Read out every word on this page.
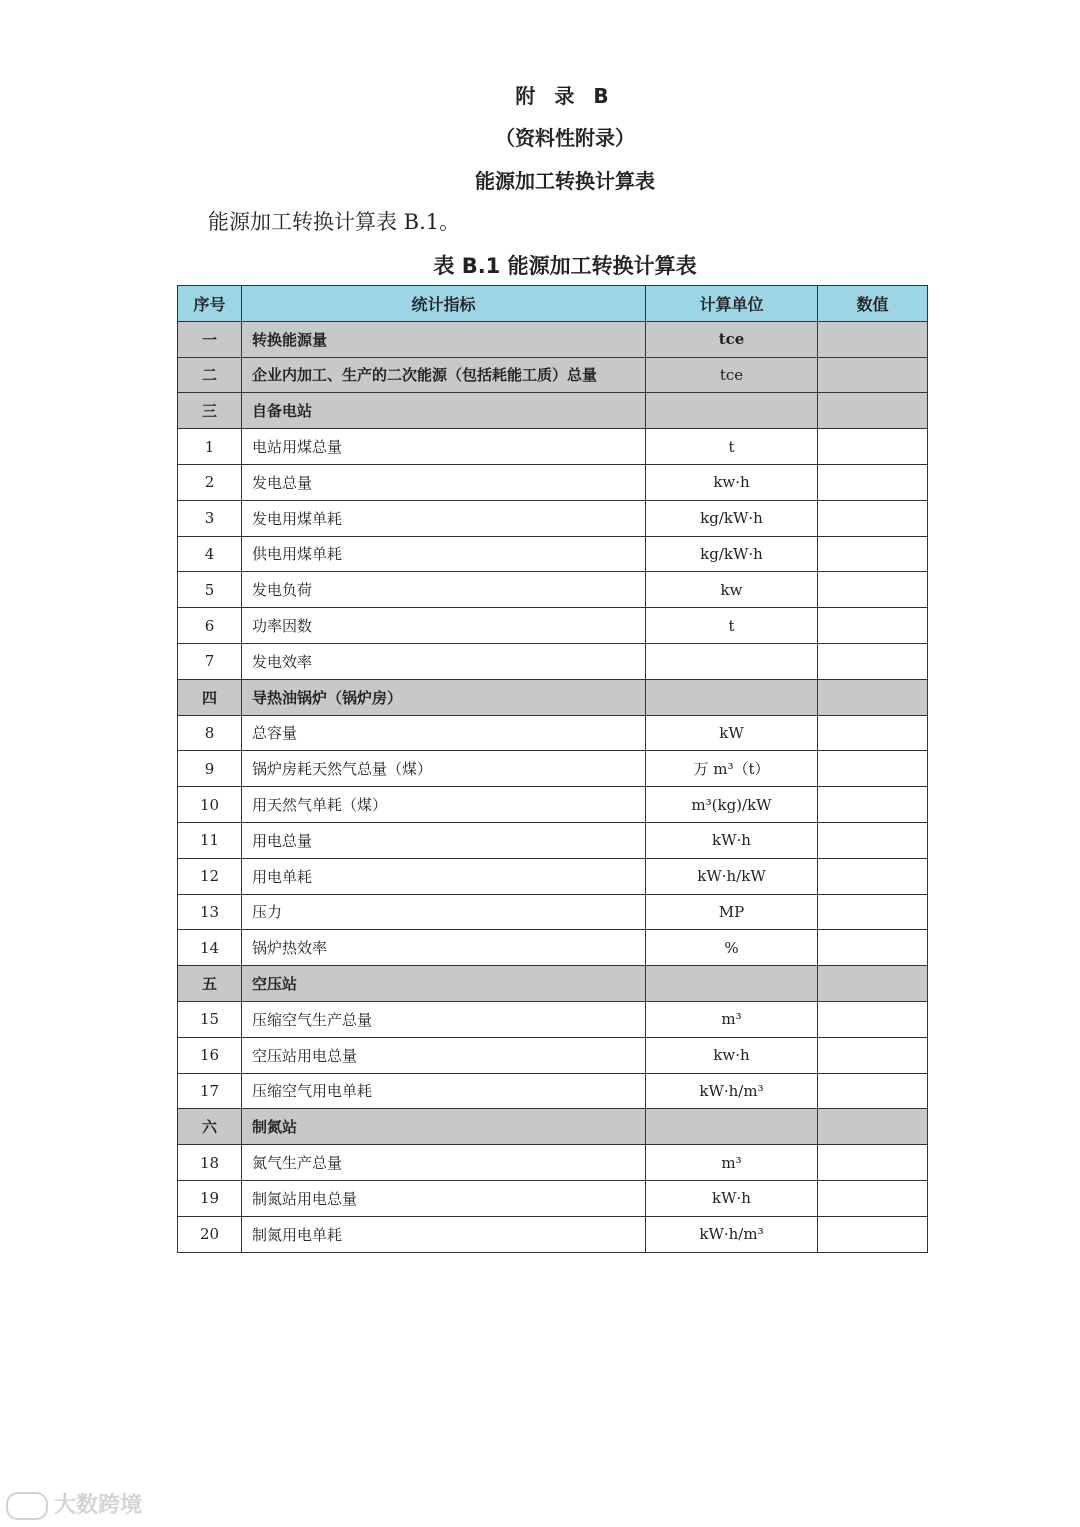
附 录 B
（资料性附录）
能源加工转换计算表
能源加工转换计算表 B.1。
表 B.1 能源加工转换计算表
序号	统计指标	计算单位	数值
一	转换能源量	tce	
二	企业内加工、生产的二次能源（包括耗能工质）总量	tce	
三	自备电站		
1	电站用煤总量	t	
2	发电总量	kw·h	
3	发电用煤单耗	kg/kW·h	
4	供电用煤单耗	kg/kW·h	
5	发电负荷	kw	
6	功率因数	t	
7	发电效率		
四	导热油锅炉（锅炉房）		
8	总容量	kW	
9	锅炉房耗天然气总量（煤）	万 m³（t）	
10	用天然气单耗（煤）	m³(kg)/kW	
11	用电总量	kW·h	
12	用电单耗	kW·h/kW	
13	压力	MP	
14	锅炉热效率	%	
五	空压站		
15	压缩空气生产总量	m³	
16	空压站用电总量	kw·h	
17	压缩空气用电单耗	kW·h/m³	
六	制氮站		
18	氮气生产总量	m³	
19	制氮站用电总量	kW·h	
20	制氮用电单耗	kW·h/m³	
大数跨境
